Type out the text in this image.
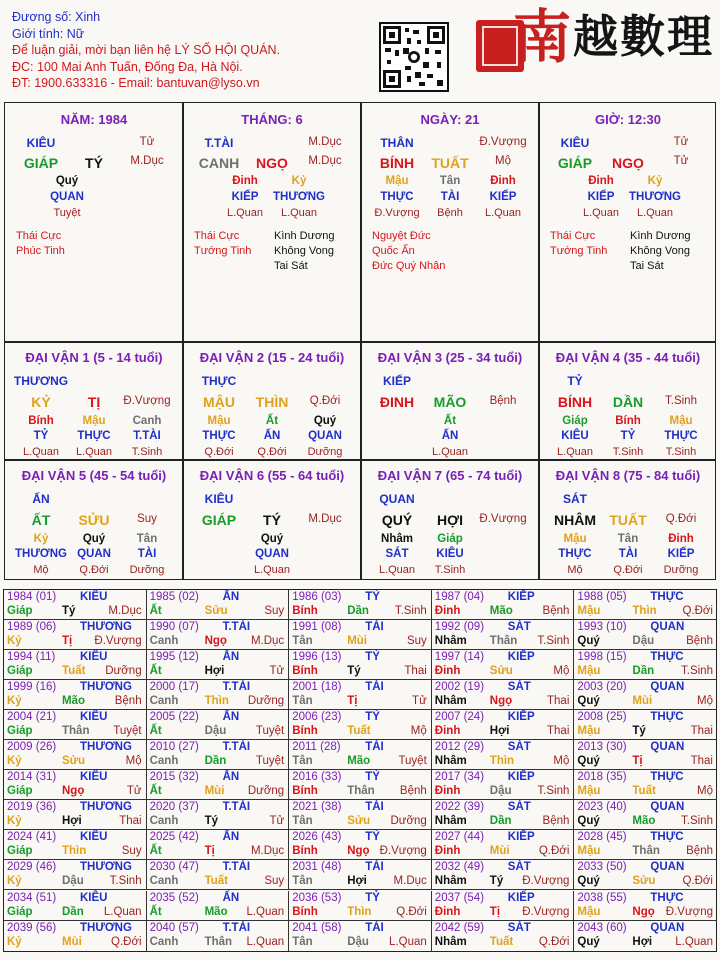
Đương số: Xinh
Giới tính: Nữ
Để luận giải, mời bạn liên hệ LÝ SỐ HỘI QUÁN.
ĐC: 100 Mai Anh Tuấn, Đống Đa, Hà Nội.
ĐT: 1900.633316 - Email: bantuvan@lyso.vn
南 越數理
NĂM: 1984
KIÊU	Tử
GIÁP TÝ M.Dục
Quý
QUAN
Tuyệt
Thái Cực
Phúc Tinh
THÁNG: 6
T.TÀI	M.Dục
CANH NGỌ M.Dục
Đinh	Kỷ
KIẾP THƯƠNG
L.Quan L.Quan
Thái Cực
Tướng Tinh
Kình Dương
Không Vong
Tai Sát
NGÀY: 21
THÂN	Đ.Vượng
BÍNH TUẤT Mộ
Mậu	Tân	Đinh
THỰC TÀI	KIẾP
Đ.Vượng Bệnh L.Quan
Nguyệt Đức
Quốc Ấn
Đức Quý Nhân
GIỜ: 12:30
KIÊU	Tử
GIÁP NGỌ	Tử
Đinh	Kỷ
KIẾP THƯƠNG
L.Quan L.Quan
Thái Cực
Tướng Tinh
Kình Dương
Không Vong
Tai Sát
ĐẠI VẬN 1 (5 - 14 tuổi)
THƯƠNG
KỶ	TỊ Đ.Vượng
Bính Mậu Canh
TỶ	THỰC T.TÀI
L.Quan L.Quan T.Sinh
ĐẠI VẬN 2 (15 - 24 tuổi)
THỰC
MẬU THÌN Q.Đới
Mậu	Ất	Quý
THỰC ẤN QUAN
Q.Đới Q.Đới Dưỡng
ĐẠI VẬN 3 (25 - 34 tuổi)
KIẾP
ĐINH MÃO Bệnh
Ất
ẤN
L.Quan
ĐẠI VẬN 4 (35 - 44 tuổi)
TỶ
BÍNH DẦN T.Sinh
Giáp Bính Mậu
KIÊU	TỶ	THỰC
L.Quan T.Sinh T.Sinh
ĐẠI VẬN 5 (45 - 54 tuổi)
ẤN
ẤT SỬU Suy
Kỷ	Quý	Tân
THƯƠNG QUAN TÀI
Mộ	Q.Đới Dưỡng
ĐẠI VẬN 6 (55 - 64 tuổi)
KIÊU
GIÁP TÝ M.Dục
Quý
QUAN
L.Quan
ĐẠI VẬN 7 (65 - 74 tuổi)
QUAN
QUÝ HỢI Đ.Vượng
Nhâm Giáp
SÁT KIÊU
L.Quan T.Sinh
ĐẠI VẬN 8 (75 - 84 tuổi)
SÁT
NHÂM TUẤT Q.Đới
Mậu	Tân	Đinh
THỰC TÀI	KIẾP
Mộ	Q.Đới Dưỡng
1984 (01) KIÊU
Giáp	Tý	M.Dục
1985 (02) ẤN
Ất	Sửu	Suy
1986 (03) TỶ
Bính	Dần T.Sinh
1987 (04) KIẾP
Đinh	Mão	Bệnh
1988 (05) THỰC
Mậu	Thìn Q.Đới
1989 (06) THƯƠNG
Kỷ	Tị Đ.Vượng
1990 (07) T.TÀI
Canh Ngọ M.Dục
1991 (08) TÀI
Tân	Mùi	Suy
1992 (09) SÁT
Nhâm Thân T.Sinh
1993 (10) QUAN
Quý	Dậu	Bệnh
1994 (11) KIÊU
Giáp	Tuất Dưỡng
1995 (12) ẤN
Ất	Hợi	Tử
1996 (13) TỶ
Bính	Tý	Thai
1997 (14) KIẾP
Đinh	Sửu	Mộ
1998 (15) THỰC
Mậu	Dần T.Sinh
1999 (16) THƯƠNG
Kỷ	Mão	Bệnh
2000 (17) T.TÀI
Canh Thìn Dưỡng
2001 (18) TÀI
Tân	Tị	Tử
2002 (19) SÁT
Nhâm Ngọ	Thai
2003 (20) QUAN
Quý	Mùi	Mộ
2004 (21) KIÊU
Giáp	Thân Tuyệt
2005 (22) ẤN
Ất	Dậu	Tuyệt
2006 (23) TỶ
Bính	Tuất	Mộ
2007 (24) KIẾP
Đinh	Hợi	Thai
2008 (25) THỰC
Mậu	Tý	Thai
2009 (26) THƯƠNG
Kỷ	Sửu	Mộ
2010 (27) T.TÀI
Canh Dần	Tuyệt
2011 (28) TÀI
Tân	Mão Tuyệt
2012 (29) SÁT
Nhâm Thìn	Mộ
2013 (30) QUAN
Quý	Tị	Thai
2014 (31) KIÊU
Giáp	Ngọ	Tử
2015 (32) ẤN
Ất	Mùi Dưỡng
2016 (33) TỶ
Bính	Thân Bệnh
2017 (34) KIẾP
Đinh	Dậu T.Sinh
2018 (35) THỰC
Mậu	Tuất	Mộ
2019 (36) THƯƠNG
Kỷ	Hợi	Thai
2020 (37) T.TÀI
Canh Tý	Tử
2021 (38) TÀI
Tân	Sửu Dưỡng
2022 (39) SÁT
Nhâm Dần	Bệnh
2023 (40) QUAN
Quý	Mão T.Sinh
2024 (41) KIÊU
Giáp	Thìn	Suy
2025 (42) ẤN
Ất	Tị	M.Dục
2026 (43) TỶ
Bính	Ngọ Đ.Vượng
2027 (44) KIẾP
Đinh	Mùi	Q.Đới
2028 (45) THỰC
Mậu	Thân Bệnh
2029 (46) THƯƠNG
Kỷ	Dậu T.Sinh
2030 (47) T.TÀI
Canh Tuất	Suy
2031 (48) TÀI
Tân	Hợi M.Dục
2032 (49) SÁT
Nhâm Tý Đ.Vượng
2033 (50) QUAN
Quý	Sửu Q.Đới
2034 (51) KIÊU
Giáp	Dần L.Quan
2035 (52) ẤN
Ất	Mão L.Quan
2036 (53) TỶ
Bính	Thìn Q.Đới
2037 (54) KIẾP
Đinh	Tị Đ.Vượng
2038 (55) THỰC
Mậu	Ngọ Đ.Vượng
2039 (56) THƯƠNG
Kỷ	Mùi	Q.Đới
2040 (57) T.TÀI
Canh Thân L.Quan
2041 (58) TÀI
Tân	Dậu L.Quan
2042 (59) SÁT
Nhâm Tuất Q.Đới
2043 (60) QUAN
Quý	Hợi L.Quan
